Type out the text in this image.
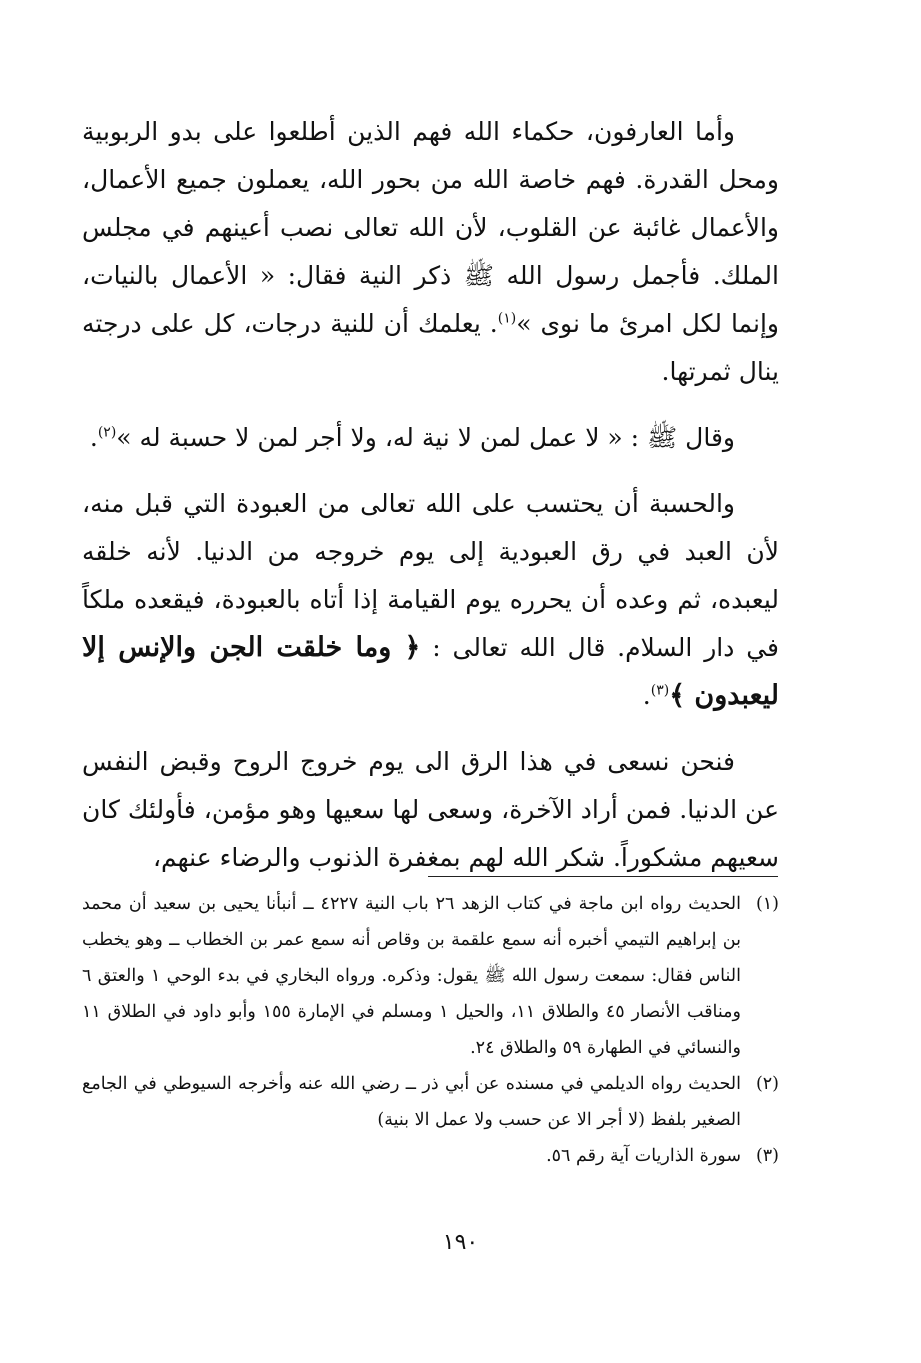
وأما العارفون، حكماء الله فهم الذين أطلعوا على بدو الربوبية ومحل القدرة. فهم خاصة الله من بحور الله، يعملون جميع الأعمال، والأعمال غائبة عن القلوب، لأن الله تعالى نصب أعينهم في مجلس الملك. فأجمل رسول الله ﷺ ذكر النية فقال: « الأعمال بالنيات، وإنما لكل امرئ ما نوى »$^{(١)}$. يعلمك أن للنية درجات، كل على درجته ينال ثمرتها.

وقال ﷺ : « لا عمل لمن لا نية له، ولا أجر لمن لا حسبة له »$^{(٢)}$.

والحسبة أن يحتسب على الله تعالى من العبودة التي قبل منه، لأن العبد في رق العبودية إلى يوم خروجه من الدنيا. لأنه خلقه ليعبده، ثم وعده أن يحرره يوم القيامة إذا أتاه بالعبودة، فيقعده ملكاً في دار السلام. قال الله تعالى : ﴿ وما خلقت الجن والإنس إلا ليعبدون ﴾$^{(٣)}$.

فنحن نسعى في هذا الرق الى يوم خروج الروح وقبض النفس عن الدنيا. فمن أراد الآخرة، وسعى لها سعيها وهو مؤمن، فأولئك كان سعيهم مشكوراً. شكر الله لهم بمغفرة الذنوب والرضاء عنهم،

(١)
الحديث رواه ابن ماجة في كتاب الزهد ٢٦ باب النية ٤٢٢٧ ــ أنبأنا يحيى بن سعيد أن محمد بن إبراهيم التيمي أخبره أنه سمع علقمة بن وقاص أنه سمع عمر بن الخطاب ــ وهو يخطب الناس فقال: سمعت رسول الله ﷺ يقول: وذكره. ورواه البخاري في بدء الوحي ١ والعتق ٦ ومناقب الأنصار ٤٥ والطلاق ١١، والحيل ١ ومسلم في الإمارة ١٥٥ وأبو داود في الطلاق ١١ والنسائي في الطهارة ٥٩ والطلاق ٢٤.
(٢)
الحديث رواه الديلمي في مسنده عن أبي ذر ــ رضي الله عنه وأخرجه السيوطي في الجامع الصغير بلفظ (لا أجر الا عن حسب ولا عمل الا بنية)
(٣)
سورة الذاريات آية رقم ٥٦.
١٩٠
